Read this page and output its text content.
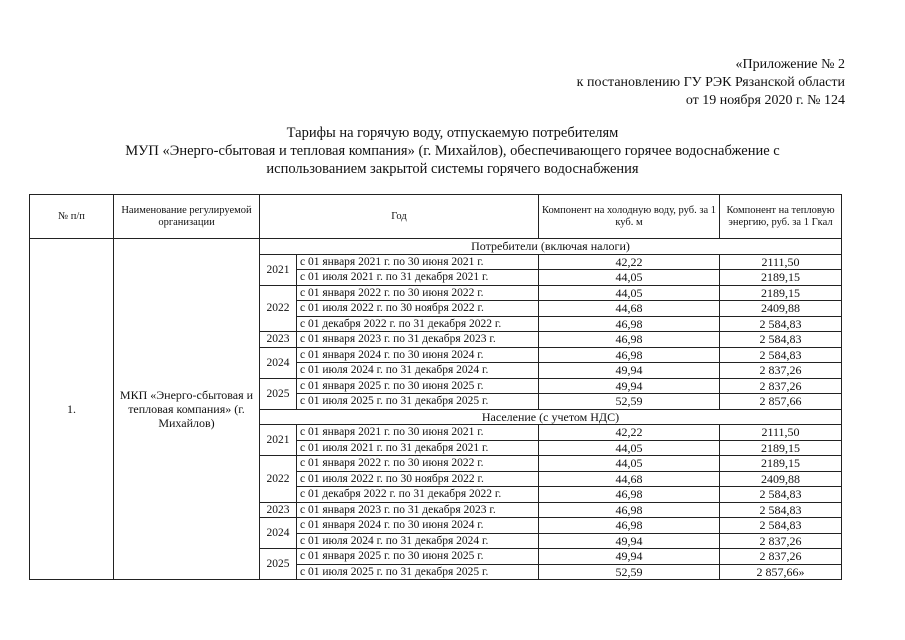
«Приложение № 2
к постановлению ГУ РЭК Рязанской области
от 19 ноября 2020 г. № 124
Тарифы на горячую воду, отпускаемую потребителям
МУП «Энерго-сбытовая и тепловая компания» (г. Михайлов), обеспечивающего горячее водоснабжение с
использованием закрытой системы горячего водоснабжения
№ п/п	Наименование регулируемой организации	Год		Компонент на холодную воду, руб. за 1 куб. м	Компонент на тепловую энергию, руб. за 1 Гкал
1.	МКП «Энерго-сбытовая и тепловая компания» (г. Михайлов)	Потребители (включая налоги)			
		2021	с 01 января 2021 г. по 30 июня 2021 г.	42,22	2111,50
			с 01 июля 2021 г. по 31 декабря 2021 г.	44,05	2189,15
		2022	с 01 января 2022 г. по 30 июня 2022 г.	44,05	2189,15
			с 01 июля 2022 г. по 30 ноября 2022 г.	44,68	2409,88
			с 01 декабря 2022 г. по 31 декабря 2022 г.	46,98	2 584,83
		2023	с 01 января 2023 г. по 31 декабря 2023 г.	46,98	2 584,83
		2024	с 01 января 2024 г. по 30 июня 2024 г.	46,98	2 584,83
			с 01 июля 2024 г. по 31 декабря 2024 г.	49,94	2 837,26
		2025	с 01 января 2025 г. по 30 июня 2025 г.	49,94	2 837,26
			с 01 июля 2025 г. по 31 декабря 2025 г.	52,59	2 857,66
		Население (с учетом НДС)			
		2021	с 01 января 2021 г. по 30 июня 2021 г.	42,22	2111,50
			с 01 июля 2021 г. по 31 декабря 2021 г.	44,05	2189,15
		2022	с 01 января 2022 г. по 30 июня 2022 г.	44,05	2189,15
			с 01 июля 2022 г. по 30 ноября 2022 г.	44,68	2409,88
			с 01 декабря 2022 г. по 31 декабря 2022 г.	46,98	2 584,83
		2023	с 01 января 2023 г. по 31 декабря 2023 г.	46,98	2 584,83
		2024	с 01 января 2024 г. по 30 июня 2024 г.	46,98	2 584,83
			с 01 июля 2024 г. по 31 декабря 2024 г.	49,94	2 837,26
		2025	с 01 января 2025 г. по 30 июня 2025 г.	49,94	2 837,26
			с 01 июля 2025 г. по 31 декабря 2025 г.	52,59	2 857,66»
